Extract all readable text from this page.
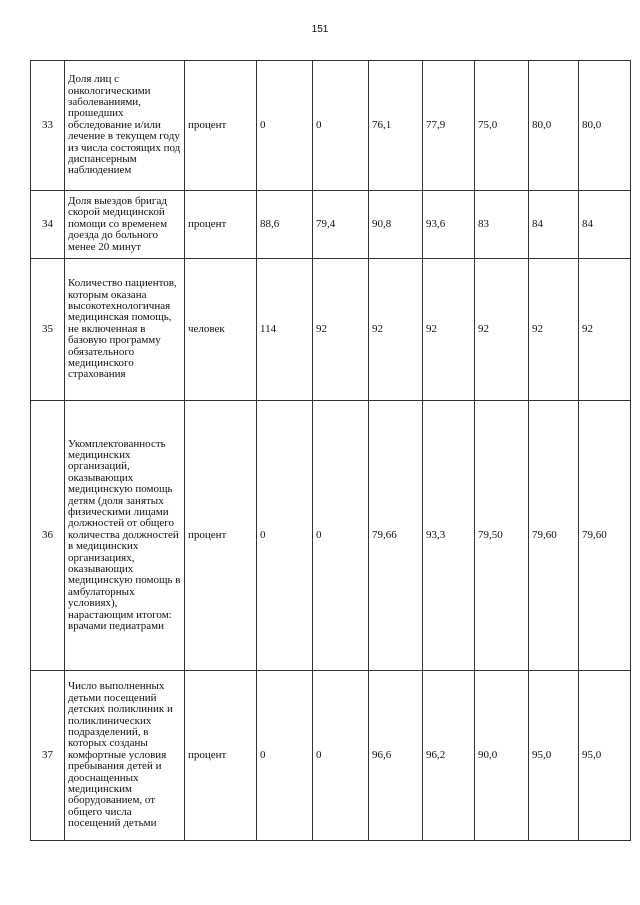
151
33	Доля лиц с онкологическими заболеваниями, прошедших обследование и/или лечение в текущем году из числа состоящих под диспансерным наблюдением	процент	0	0	76,1	77,9	75,0	80,0	80,0
34	Доля выездов бригад скорой медицинской помощи со временем доезда до больного менее 20 минут	процент	88,6	79,4	90,8	93,6	83	84	84
35	Количество пациентов, которым оказана высокотехнологичная медицинская помощь, не включенная в базовую программу обязательного медицинского страхования	человек	114	92	92	92	92	92	92
36	Укомплектованность медицинских организаций, оказывающих медицинскую помощь детям (доля занятых физическими лицами должностей от общего количества должностей в медицинских организациях, оказывающих медицинскую помощь в амбулаторных условиях), нарастающим итогом: врачами педиатрами	процент	0	0	79,66	93,3	79,50	79,60	79,60
37	Число выполненных детьми посещений детских поликлиник и поликлинических подразделений, в которых созданы комфортные условия пребывания детей и дооснащенных медицинским оборудованием, от общего числа посещений детьми	процент	0	0	96,6	96,2	90,0	95,0	95,0
